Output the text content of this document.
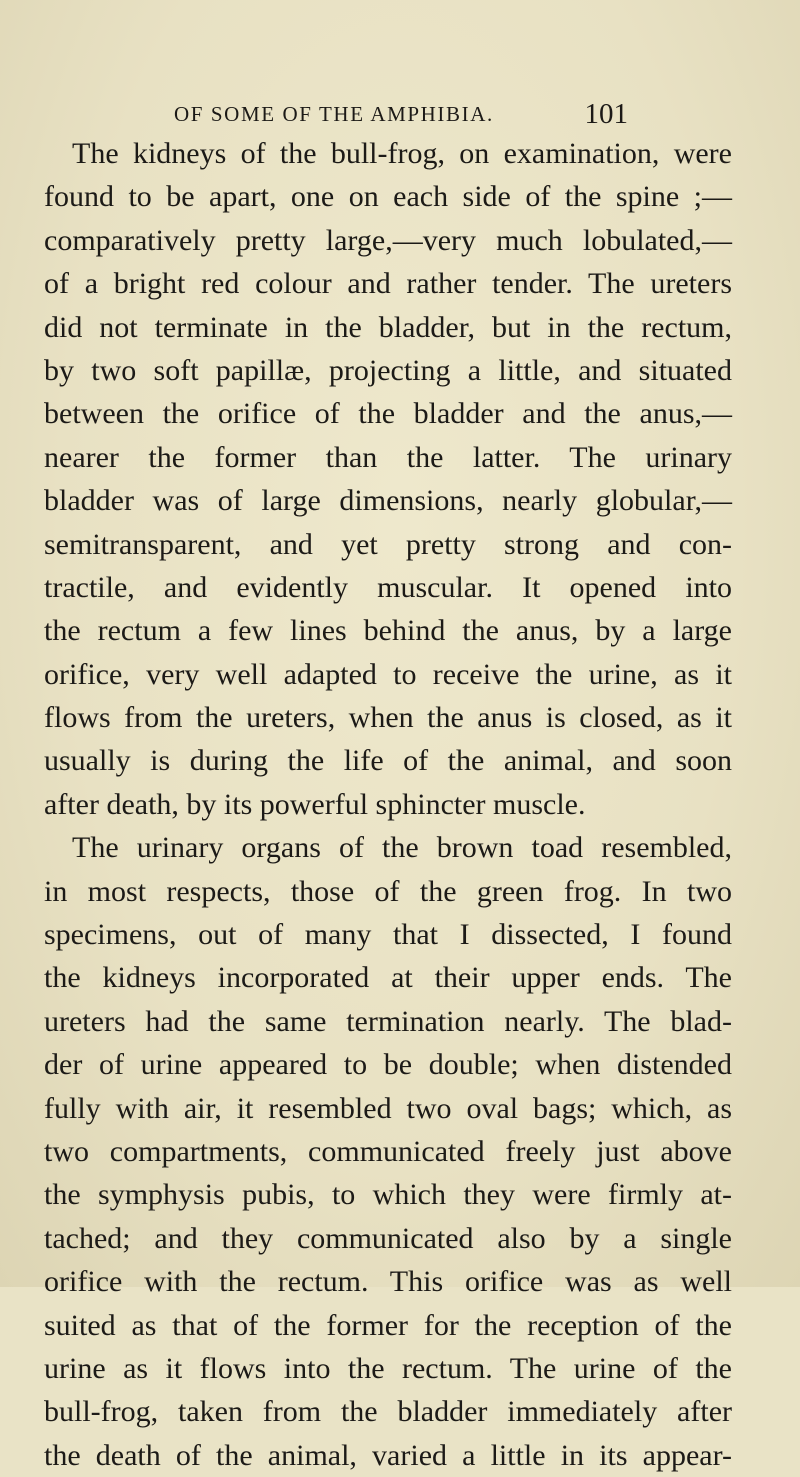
OF SOME OF THE AMPHIBIA.	101
The kidneys of the bull-frog, on examination, were
found to be apart, one on each side of the spine ;—
comparatively pretty large,—very much lobulated,—
of a bright red colour and rather tender. The ureters
did not terminate in the bladder, but in the rectum,
by two soft papillæ, projecting a little, and situated
between the orifice of the bladder and the anus,—
nearer the former than the latter. The urinary
bladder was of large dimensions, nearly globular,—
semitransparent, and yet pretty strong and con-
tractile, and evidently muscular. It opened into
the rectum a few lines behind the anus, by a large
orifice, very well adapted to receive the urine, as it
flows from the ureters, when the anus is closed, as it
usually is during the life of the animal, and soon
after death, by its powerful sphincter muscle.
The urinary organs of the brown toad resembled,
in most respects, those of the green frog. In two
specimens, out of many that I dissected, I found
the kidneys incorporated at their upper ends. The
ureters had the same termination nearly. The blad-
der of urine appeared to be double; when distended
fully with air, it resembled two oval bags; which, as
two compartments, communicated freely just above
the symphysis pubis, to which they were firmly at-
tached; and they communicated also by a single
orifice with the rectum. This orifice was as well
suited as that of the former for the reception of the
urine as it flows into the rectum. The urine of the
bull-frog, taken from the bladder immediately after
the death of the animal, varied a little in its appear-
